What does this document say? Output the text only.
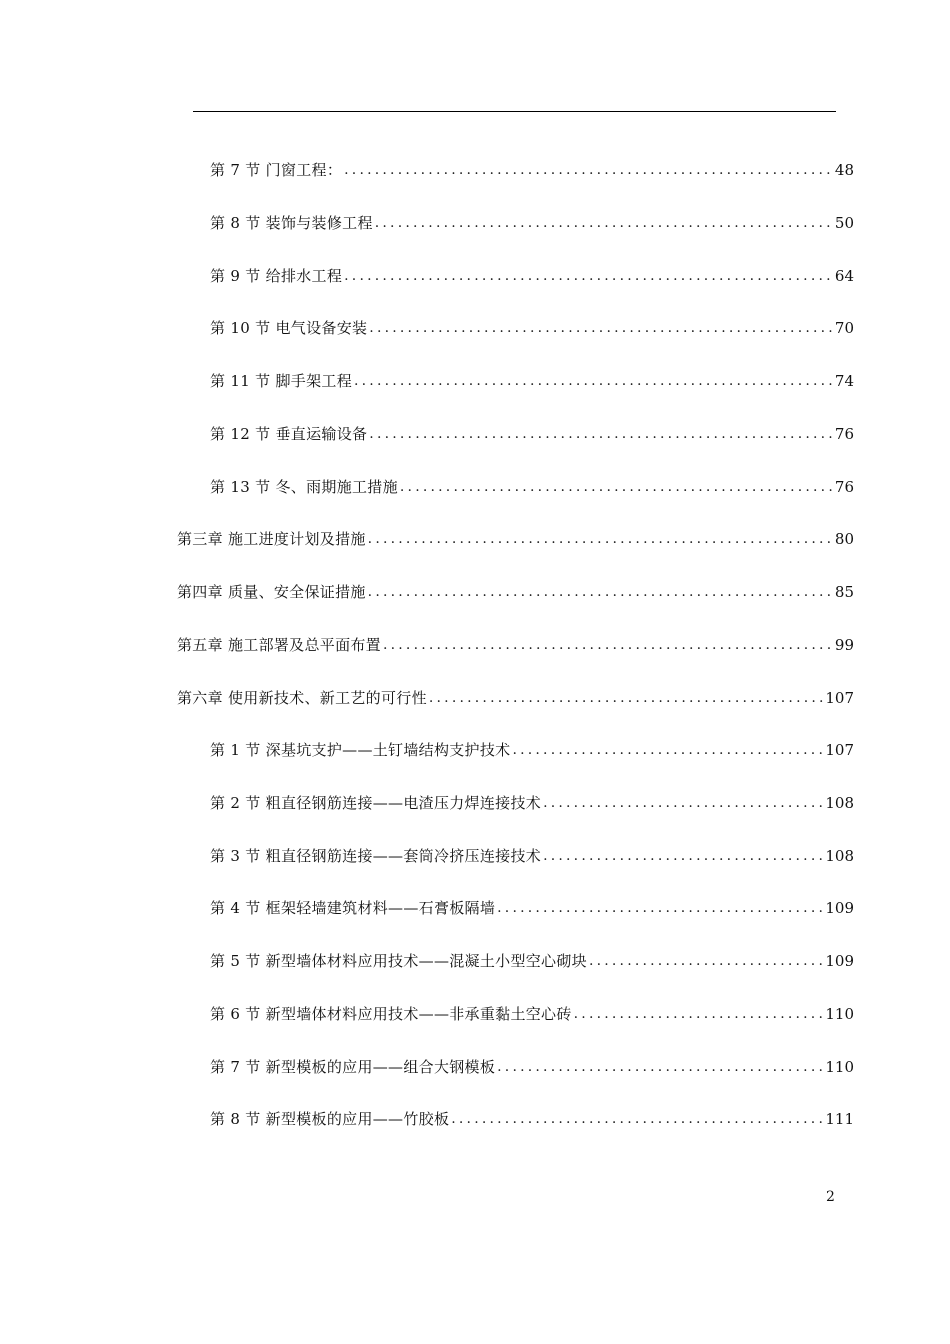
第 7 节 门窗工程： .....	48
第 8 节 装饰与装修工程 .....	50
第 9 节 给排水工程 .....	64
第 10 节 电气设备安装 .....	70
第 11 节 脚手架工程 .....	74
第 12 节 垂直运输设备 .....	76
第 13 节 冬、雨期施工措施 .....	76
第三章 施工进度计划及措施 .....	80
第四章 质量、安全保证措施 .....	85
第五章 施工部署及总平面布置 .....	99
第六章 使用新技术、新工艺的可行性 .....	107
第 1 节 深基坑支护——土钉墙结构支护技术 .....	107
第 2 节 粗直径钢筋连接——电渣压力焊连接技术 .....	108
第 3 节 粗直径钢筋连接——套筒冷挤压连接技术 .....	108
第 4 节 框架轻墙建筑材料——石膏板隔墙 .....	109
第 5 节 新型墙体材料应用技术——混凝土小型空心砌块 .....	109
第 6 节 新型墙体材料应用技术——非承重黏土空心砖 .....	110
第 7 节 新型模板的应用——组合大钢模板 .....	110
第 8 节 新型模板的应用——竹胶板 .....	111
2
